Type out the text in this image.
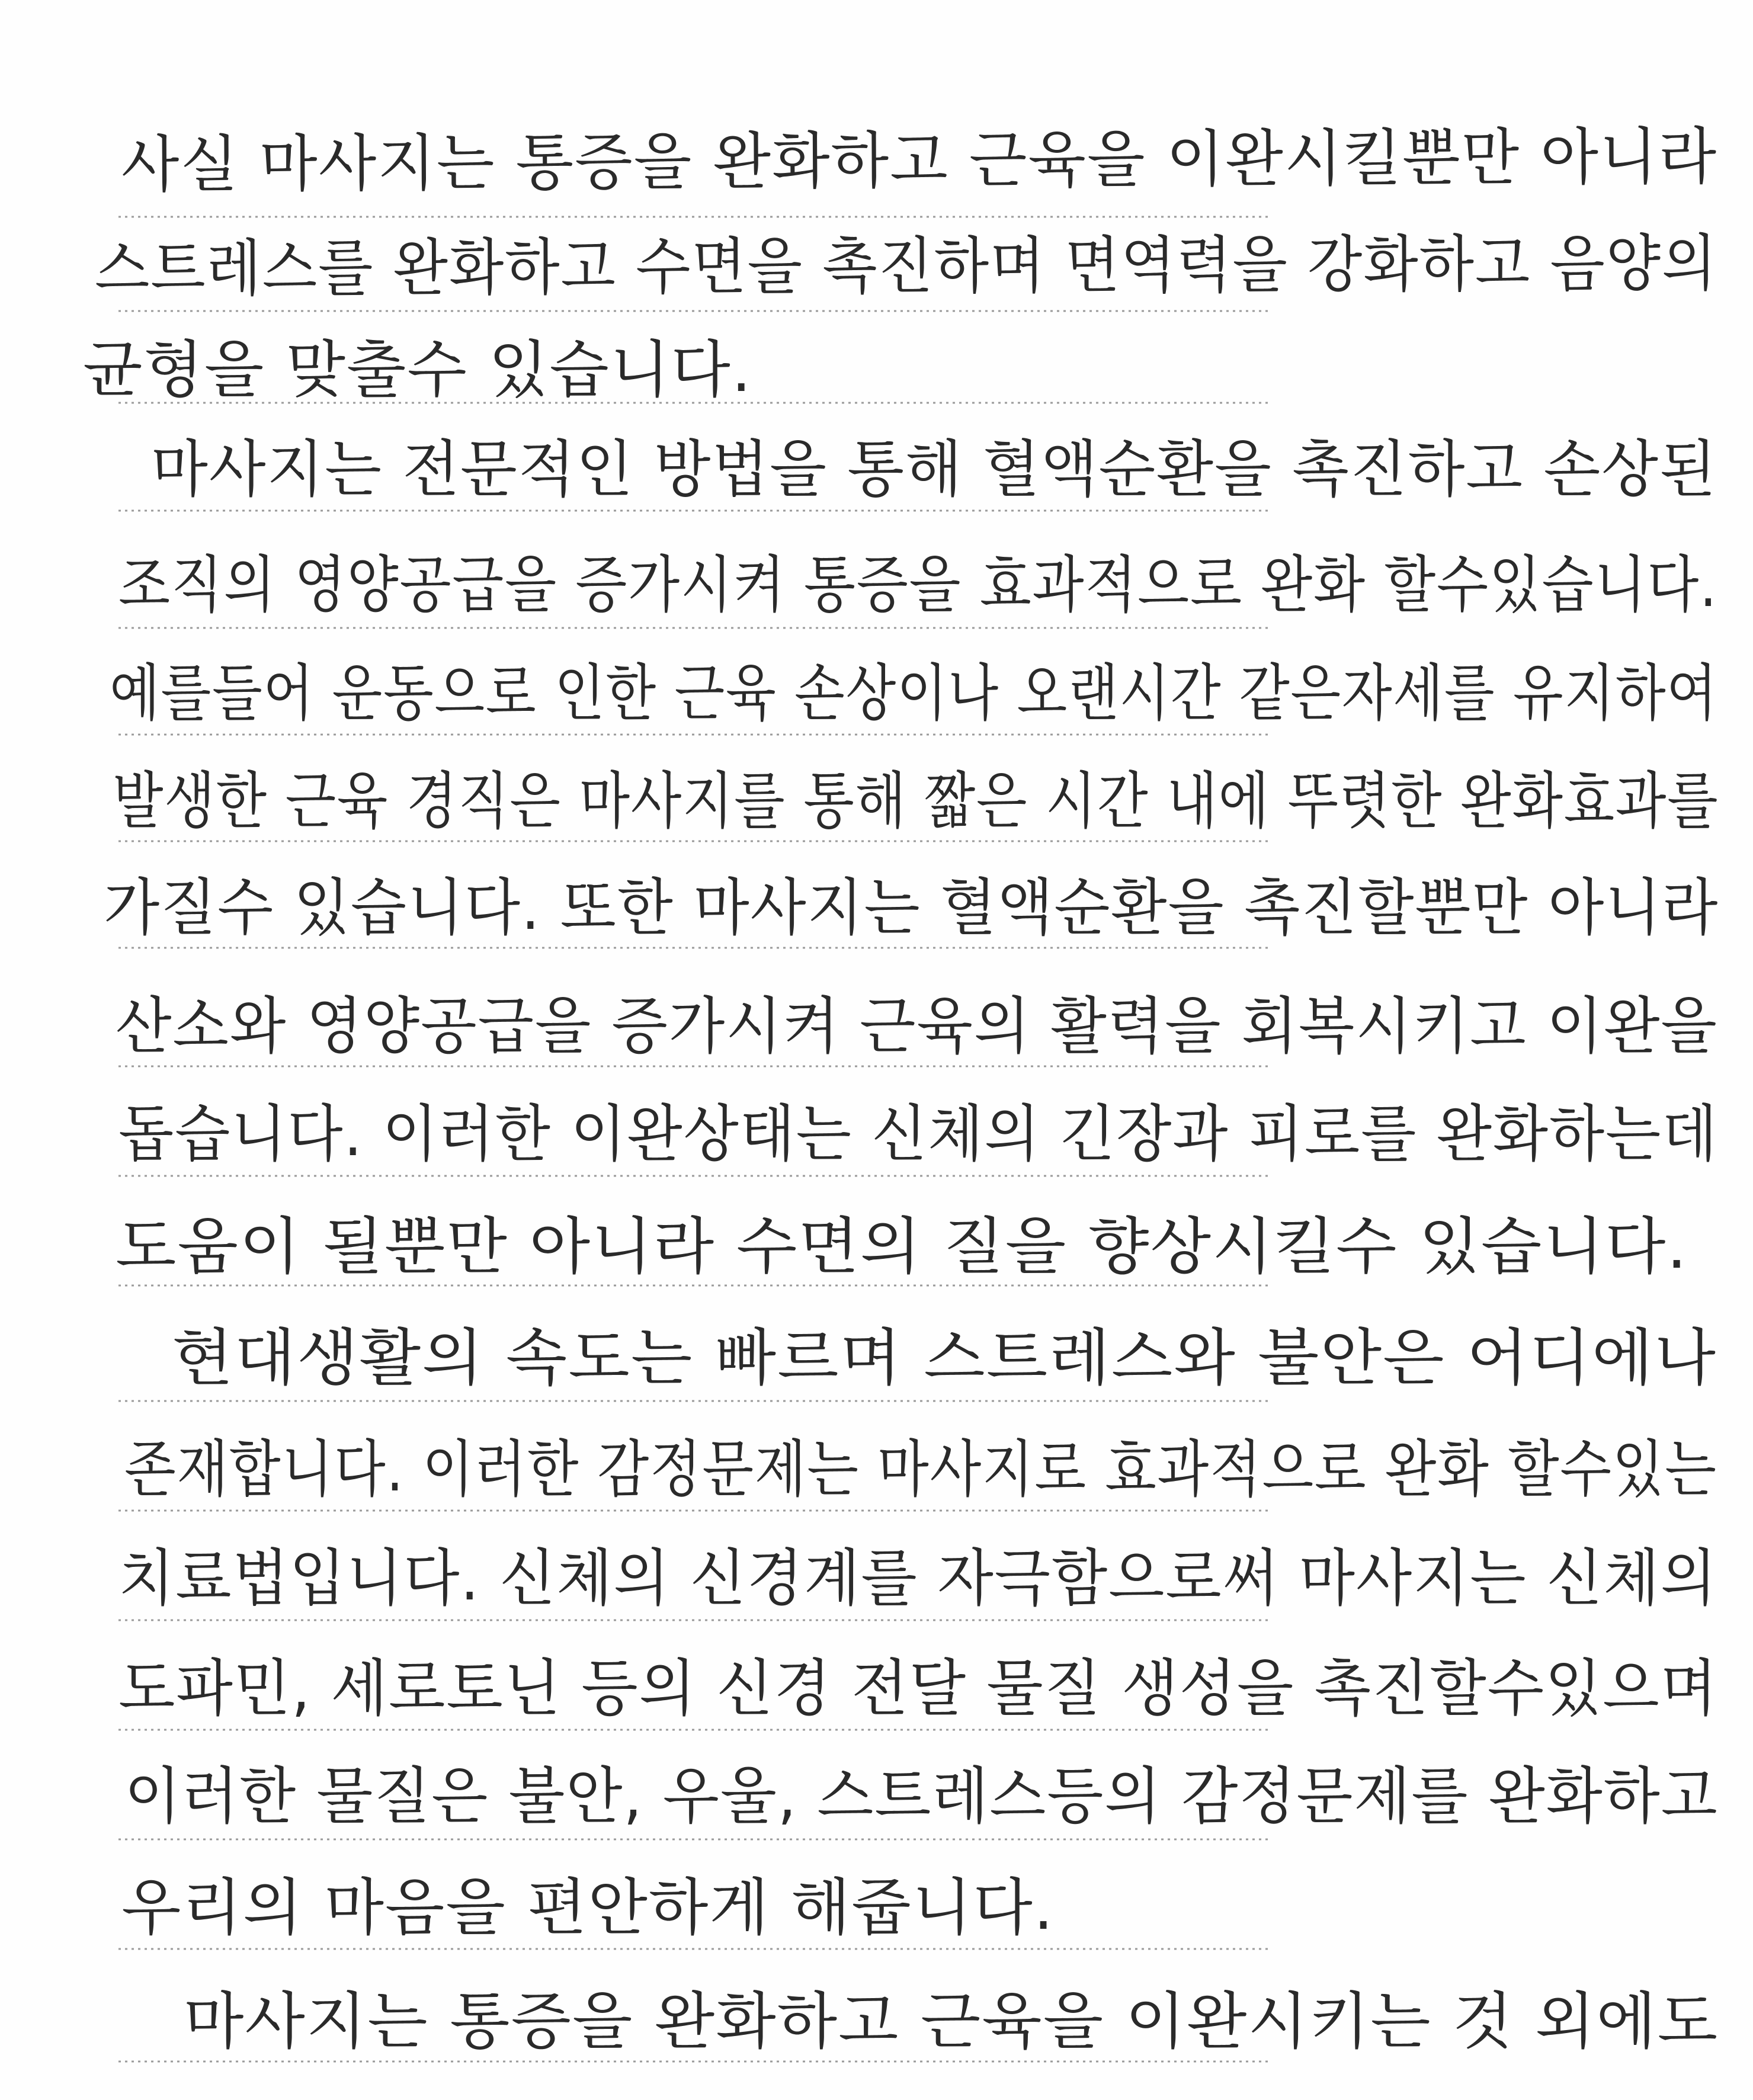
사실 마사지는 통증을 완화하고 근육을 이완시킬뿐만 아니라
스트레스를 완화하고 수면을 촉진하며 면역력을 강화하고 음양의
균형을 맞출수 있습니다.
마사지는 전문적인 방법을 통해 혈액순환을 촉진하고 손상된
조직의 영양공급을 증가시켜 통증을 효과적으로 완화 할수있습니다.
예를들어 운동으로 인한 근육 손상이나 오랜시간 같은자세를 유지하여
발생한 근육 경직은 마사지를 통해 짧은 시간 내에 뚜렷한 완화효과를
가질수 있습니다. 또한 마사지는 혈액순환을 촉진할뿐만 아니라
산소와 영양공급을 증가시켜 근육의 활력을 회복시키고 이완을
돕습니다. 이러한 이완상태는 신체의 긴장과 피로를 완화하는데
도움이 될뿐만 아니라 수면의 질을 향상시킬수 있습니다.
현대생활의 속도는 빠르며 스트레스와 불안은 어디에나
존재합니다. 이러한 감정문제는 마사지로 효과적으로 완화 할수있는
치료법입니다. 신체의 신경계를 자극함으로써 마사지는 신체의
도파민, 세로토닌 등의 신경 전달 물질 생성을 촉진할수있으며
이러한 물질은 불안, 우울, 스트레스등의 감정문제를 완화하고
우리의 마음을 편안하게 해줍니다.
마사지는 통증을 완화하고 근육을 이완시키는 것 외에도
